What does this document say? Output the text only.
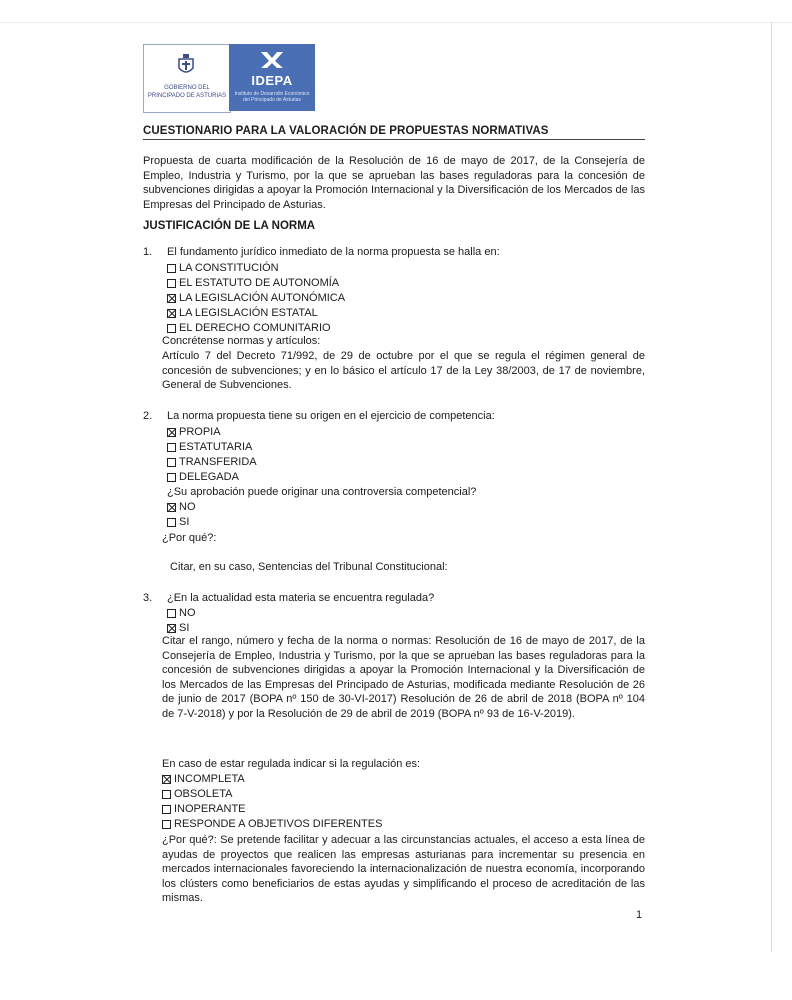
GOBIERNO DEL
PRINCIPADO DE ASTURIAS
IDEPA
Instituto de Desarrollo Económico del Principado de Asturias
CUESTIONARIO PARA LA VALORACIÓN DE PROPUESTAS NORMATIVAS
Propuesta de cuarta modificación de la Resolución de 16 de mayo de 2017, de la Consejería de Empleo, Industria y Turismo, por la que se aprueban las bases reguladoras para la concesión de subvenciones dirigidas a apoyar la Promoción Internacional y la Diversificación de los Mercados de las Empresas del Principado de Asturias.
JUSTIFICACIÓN DE LA NORMA
1. El fundamento jurídico inmediato de la norma propuesta se halla en:
LA CONSTITUCIÓN
EL ESTATUTO DE AUTONOMÍA
LA LEGISLACIÓN AUTONÓMICA
LA LEGISLACIÓN ESTATAL
EL DERECHO COMUNITARIO
Concrétense normas y artículos:
Artículo 7 del Decreto 71/992, de 29 de octubre por el que se regula el régimen general de concesión de subvenciones; y en lo básico el artículo 17 de la Ley 38/2003, de 17 de noviembre, General de Subvenciones.
2. La norma propuesta tiene su origen en el ejercicio de competencia:
PROPIA
ESTATUTARIA
TRANSFERIDA
DELEGADA
¿Su aprobación puede originar una controversia competencial?
NO
SI
¿Por qué?:
Citar, en su caso, Sentencias del Tribunal Constitucional:
3. ¿En la actualidad esta materia se encuentra regulada?
NO
SI
Citar el rango, número y fecha de la norma o normas: Resolución de 16 de mayo de 2017, de la Consejería de Empleo, Industria y Turismo, por la que se aprueban las bases reguladoras para la concesión de subvenciones dirigidas a apoyar la Promoción Internacional y la Diversificación de los Mercados de las Empresas del Principado de Asturias, modificada mediante Resolución de 26 de junio de 2017 (BOPA nº 150 de 30-VI-2017) Resolución de 26 de abril de 2018 (BOPA nº 104 de 7-V-2018) y por la Resolución de 29 de abril de 2019 (BOPA nº 93 de 16-V-2019).
En caso de estar regulada indicar si la regulación es:
INCOMPLETA
OBSOLETA
INOPERANTE
RESPONDE A OBJETIVOS DIFERENTES
¿Por qué?: Se pretende facilitar y adecuar a las circunstancias actuales, el acceso a esta línea de ayudas de proyectos que realicen las empresas asturianas para incrementar su presencia en mercados internacionales favoreciendo la internacionalización de nuestra economía, incorporando los clústers como beneficiarios de estas ayudas y simplificando el proceso de acreditación de las mismas.
1
